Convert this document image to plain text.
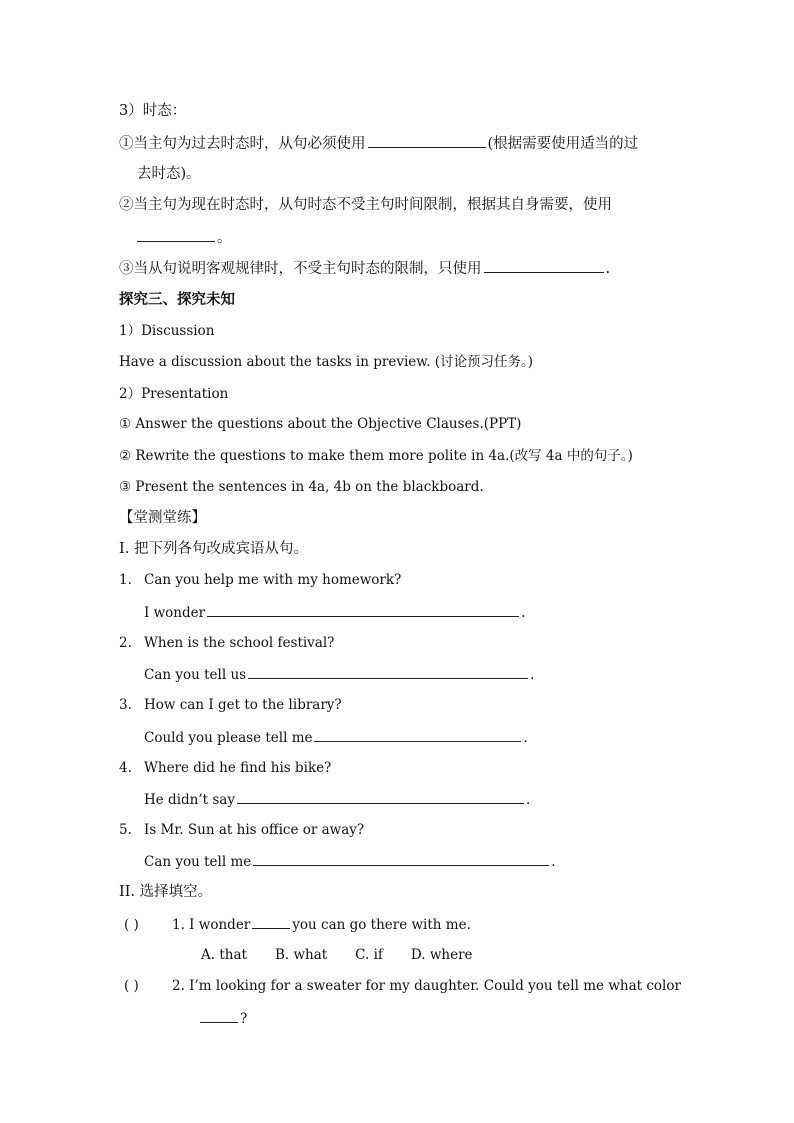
3）时态：
①当主句为过去时态时，从句必须使用	(根据需要使用适当的过
去时态)。
②当主句为现在时态时，从句时态不受主句时间限制，根据其自身需要，使用
。
③当从句说明客观规律时，不受主句时态的限制，只使用	.
探究三、探究未知
1）Discussion
Have a discussion about the tasks in preview. (讨论预习任务。)
2）Presentation
① Answer the questions about the Objective Clauses.(PPT)
② Rewrite the questions to make them more polite in 4a.(改写 4a 中的句子。)
③ Present the sentences in 4a, 4b on the blackboard.
【堂测堂练】
I. 把下列各句改成宾语从句。
1. Can you help me with my homework?
I wonder	.
2. When is the school festival?
Can you tell us	.
3. How can I get to the library?
Could you please tell me	.
4. Where did he find his bike?
He didn’t say	.
5. Is Mr. Sun at his office or away?
Can you tell me	.
II. 选择填空。
( ) 1. I wonder	you can go there with me.
A. that B. what C. if D. where
( ) 2. I’m looking for a sweater for my daughter. Could you tell me what color
?
